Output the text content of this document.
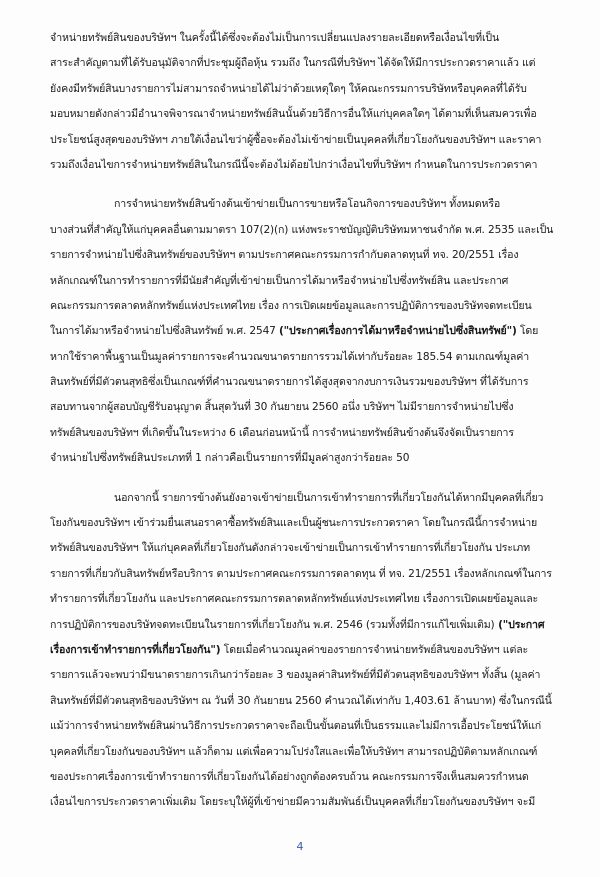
จำหน่ายทรัพย์สินของบริษัทฯ ในครั้งนี้ได้ซึ่งจะต้องไม่เป็นการเปลี่ยนแปลงรายละเอียดหรือเงื่อนไขที่เป็น
สาระสำคัญตามที่ได้รับอนุมัติจากที่ประชุมผู้ถือหุ้น รวมถึง ในกรณีที่บริษัทฯ ได้จัดให้มีการประกวดราคาแล้ว แต่
ยังคงมีทรัพย์สินบางรายการไม่สามารถจำหน่ายได้ไม่ว่าด้วยเหตุใดๆ ให้คณะกรรมการบริษัทหรือบุคคลที่ได้รับ
มอบหมายดังกล่าวมีอำนาจพิจารณาจำหน่ายทรัพย์สินนั้นด้วยวิธีการอื่นให้แก่บุคคลใดๆ ได้ตามที่เห็นสมควรเพื่อ
ประโยชน์สูงสุดของบริษัทฯ ภายใต้เงื่อนไขว่าผู้ซื้อจะต้องไม่เข้าข่ายเป็นบุคคลที่เกี่ยวโยงกันของบริษัทฯ และราคา
รวมถึงเงื่อนไขการจำหน่ายทรัพย์สินในกรณีนี้จะต้องไม่ด้อยไปกว่าเงื่อนไขที่บริษัทฯ กำหนดในการประกวดราคา
การจำหน่ายทรัพย์สินข้างต้นเข้าข่ายเป็นการขายหรือโอนกิจการของบริษัทฯ ทั้งหมดหรือ
บางส่วนที่สำคัญให้แก่บุคคลอื่นตามมาตรา 107(2)(ก) แห่งพระราชบัญญัติบริษัทมหาชนจำกัด พ.ศ. 2535 และเป็น
รายการจำหน่ายไปซึ่งสินทรัพย์ของบริษัทฯ ตามประกาศคณะกรรมการกำกับตลาดทุนที่ ทจ. 20/2551 เรื่อง
หลักเกณฑ์ในการทำรายการที่มีนัยสำคัญที่เข้าข่ายเป็นการได้มาหรือจำหน่ายไปซึ่งทรัพย์สิน และประกาศ
คณะกรรมการตลาดหลักทรัพย์แห่งประเทศไทย เรื่อง การเปิดเผยข้อมูลและการปฏิบัติการของบริษัทจดทะเบียน
ในการได้มาหรือจำหน่ายไปซึ่งสินทรัพย์ พ.ศ. 2547 ("ประกาศเรื่องการได้มาหรือจำหน่ายไปซึ่งสินทรัพย์") โดย
หากใช้ราคาพื้นฐานเป็นมูลค่ารายการจะคำนวณขนาดรายการรวมได้เท่ากับร้อยละ 185.54 ตามเกณฑ์มูลค่า
สินทรัพย์ที่มีตัวตนสุทธิซึ่งเป็นเกณฑ์ที่คำนวณขนาดรายการได้สูงสุดจากงบการเงินรวมของบริษัทฯ ที่ได้รับการ
สอบทานจากผู้สอบบัญชีรับอนุญาต สิ้นสุดวันที่ 30 กันยายน 2560 อนึ่ง บริษัทฯ ไม่มีรายการจำหน่ายไปซึ่ง
ทรัพย์สินของบริษัทฯ ที่เกิดขึ้นในระหว่าง 6 เดือนก่อนหน้านี้ การจำหน่ายทรัพย์สินข้างต้นจึงจัดเป็นรายการ
จำหน่ายไปซึ่งทรัพย์สินประเภทที่ 1 กล่าวคือเป็นรายการที่มีมูลค่าสูงกว่าร้อยละ 50
นอกจากนี้ รายการข้างต้นยังอาจเข้าข่ายเป็นการเข้าทำรายการที่เกี่ยวโยงกันได้หากมีบุคคลที่เกี่ยว
โยงกันของบริษัทฯ เข้าร่วมยื่นเสนอราคาซื้อทรัพย์สินและเป็นผู้ชนะการประกวดราคา โดยในกรณีนี้การจำหน่าย
ทรัพย์สินของบริษัทฯ ให้แก่บุคคลที่เกี่ยวโยงกันดังกล่าวจะเข้าข่ายเป็นการเข้าทำรายการที่เกี่ยวโยงกัน ประเภท
รายการที่เกี่ยวกับสินทรัพย์หรือบริการ ตามประกาศคณะกรรมการตลาดทุน ที่ ทจ. 21/2551 เรื่องหลักเกณฑ์ในการ
ทำรายการที่เกี่ยวโยงกัน และประกาศคณะกรรมการตลาดหลักทรัพย์แห่งประเทศไทย เรื่องการเปิดเผยข้อมูลและ
การปฏิบัติการของบริษัทจดทะเบียนในรายการที่เกี่ยวโยงกัน พ.ศ. 2546 (รวมทั้งที่มีการแก้ไขเพิ่มเติม) ("ประกาศ
เรื่องการเข้าทำรายการที่เกี่ยวโยงกัน") โดยเมื่อคำนวณมูลค่าของรายการจำหน่ายทรัพย์สินของบริษัทฯ แต่ละ
รายการแล้วจะพบว่ามีขนาดรายการเกินกว่าร้อยละ 3 ของมูลค่าสินทรัพย์ที่มีตัวตนสุทธิของบริษัทฯ ทั้งสิ้น (มูลค่า
สินทรัพย์ที่มีตัวตนสุทธิของบริษัทฯ ณ วันที่ 30 กันยายน 2560 คำนวณได้เท่ากับ 1,403.61 ล้านบาท) ซึ่งในกรณีนี้
แม้ว่าการจำหน่ายทรัพย์สินผ่านวิธีการประกวดราคาจะถือเป็นขั้นตอนที่เป็นธรรมและไม่มีการเอื้อประโยชน์ให้แก่
บุคคลที่เกี่ยวโยงกันของบริษัทฯ แล้วก็ตาม แต่เพื่อความโปร่งใสและเพื่อให้บริษัทฯ สามารถปฏิบัติตามหลักเกณฑ์
ของประกาศเรื่องการเข้าทำรายการที่เกี่ยวโยงกันได้อย่างถูกต้องครบถ้วน คณะกรรมการจึงเห็นสมควรกำหนด
เงื่อนไขการประกวดราคาเพิ่มเติม โดยระบุให้ผู้ที่เข้าข่ายมีความสัมพันธ์เป็นบุคคลที่เกี่ยวโยงกันของบริษัทฯ จะมี
4
